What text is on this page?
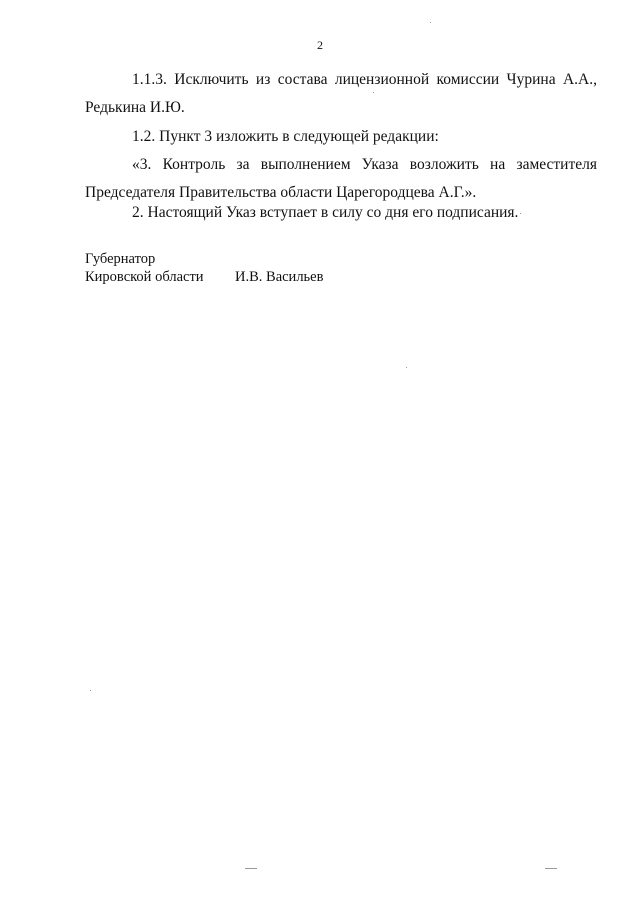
2
1.1.3. Исключить из состава лицензионной комиссии Чурина А.А.,
Редькина И.Ю.
1.2. Пункт 3 изложить в следующей редакции:
«3. Контроль за выполнением Указа возложить на заместителя
Председателя Правительства области Царегородцева А.Г.».
2. Настоящий Указ вступает в силу со дня его подписания.
Губернатор
Кировской области И.В. Васильев
